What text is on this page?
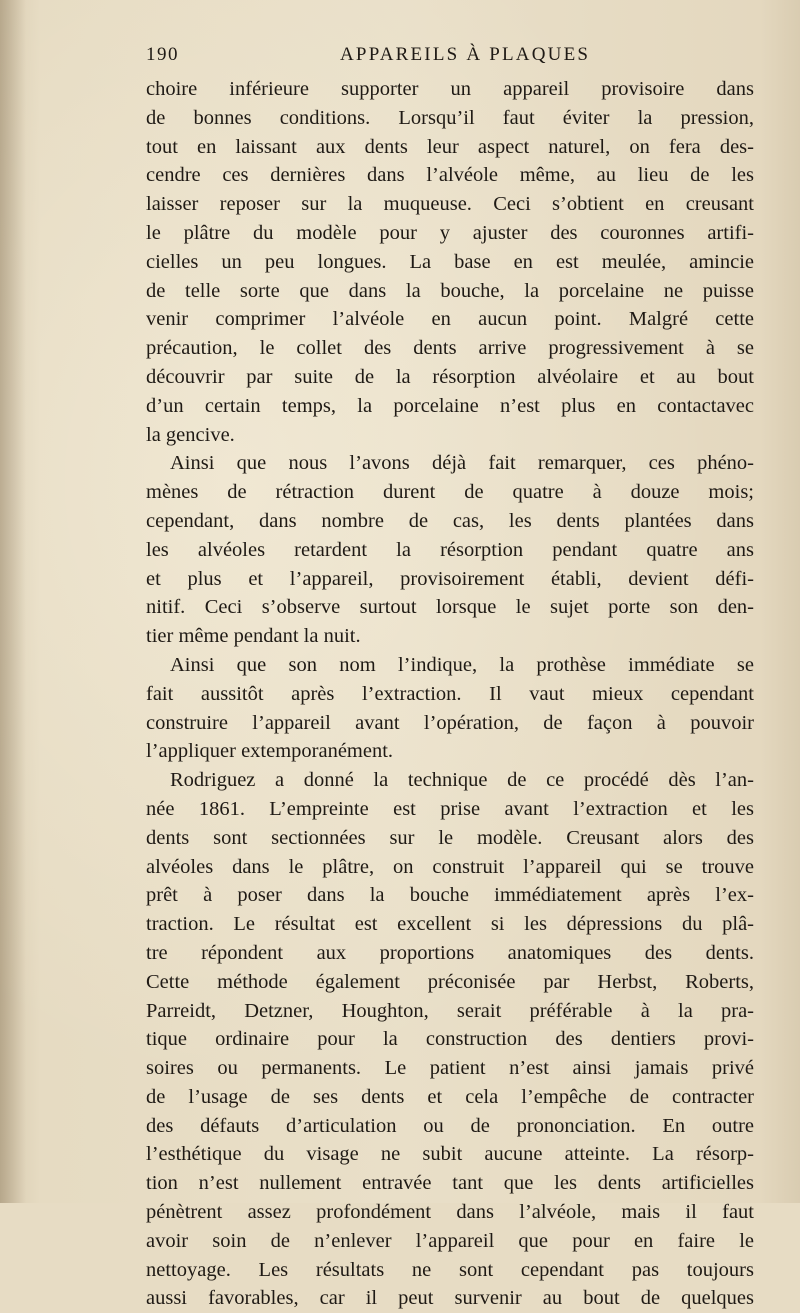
190	APPAREILS À PLAQUES
choire inférieure supporter un appareil provisoire dans
de bonnes conditions. Lorsqu’il faut éviter la pression,
tout en laissant aux dents leur aspect naturel, on fera des-
cendre ces dernières dans l’alvéole même, au lieu de les
laisser reposer sur la muqueuse. Ceci s’obtient en creusant
le plâtre du modèle pour y ajuster des couronnes artifi-
cielles un peu longues. La base en est meulée, amincie
de telle sorte que dans la bouche, la porcelaine ne puisse
venir comprimer l’alvéole en aucun point. Malgré cette
précaution, le collet des dents arrive progressivement à se
découvrir par suite de la résorption alvéolaire et au bout
d’un certain temps, la porcelaine n’est plus en contactavec
la gencive.
Ainsi que nous l’avons déjà fait remarquer, ces phéno-
mènes de rétraction durent de quatre à douze mois;
cependant, dans nombre de cas, les dents plantées dans
les alvéoles retardent la résorption pendant quatre ans
et plus et l’appareil, provisoirement établi, devient défi-
nitif. Ceci s’observe surtout lorsque le sujet porte son den-
tier même pendant la nuit.
Ainsi que son nom l’indique, la prothèse immédiate se
fait aussitôt après l’extraction. Il vaut mieux cependant
construire l’appareil avant l’opération, de façon à pouvoir
l’appliquer extemporanément.
Rodriguez a donné la technique de ce procédé dès l’an-
née 1861. L’empreinte est prise avant l’extraction et les
dents sont sectionnées sur le modèle. Creusant alors des
alvéoles dans le plâtre, on construit l’appareil qui se trouve
prêt à poser dans la bouche immédiatement après l’ex-
traction. Le résultat est excellent si les dépressions du plâ-
tre répondent aux proportions anatomiques des dents.
Cette méthode également préconisée par Herbst, Roberts,
Parreidt, Detzner, Houghton, serait préférable à la pra-
tique ordinaire pour la construction des dentiers provi-
soires ou permanents. Le patient n’est ainsi jamais privé
de l’usage de ses dents et cela l’empêche de contracter
des défauts d’articulation ou de prononciation. En outre
l’esthétique du visage ne subit aucune atteinte. La résorp-
tion n’est nullement entravée tant que les dents artificielles
pénètrent assez profondément dans l’alvéole, mais il faut
avoir soin de n’enlever l’appareil que pour en faire le
nettoyage. Les résultats ne sont cependant pas toujours
aussi favorables, car il peut survenir au bout de quelques
